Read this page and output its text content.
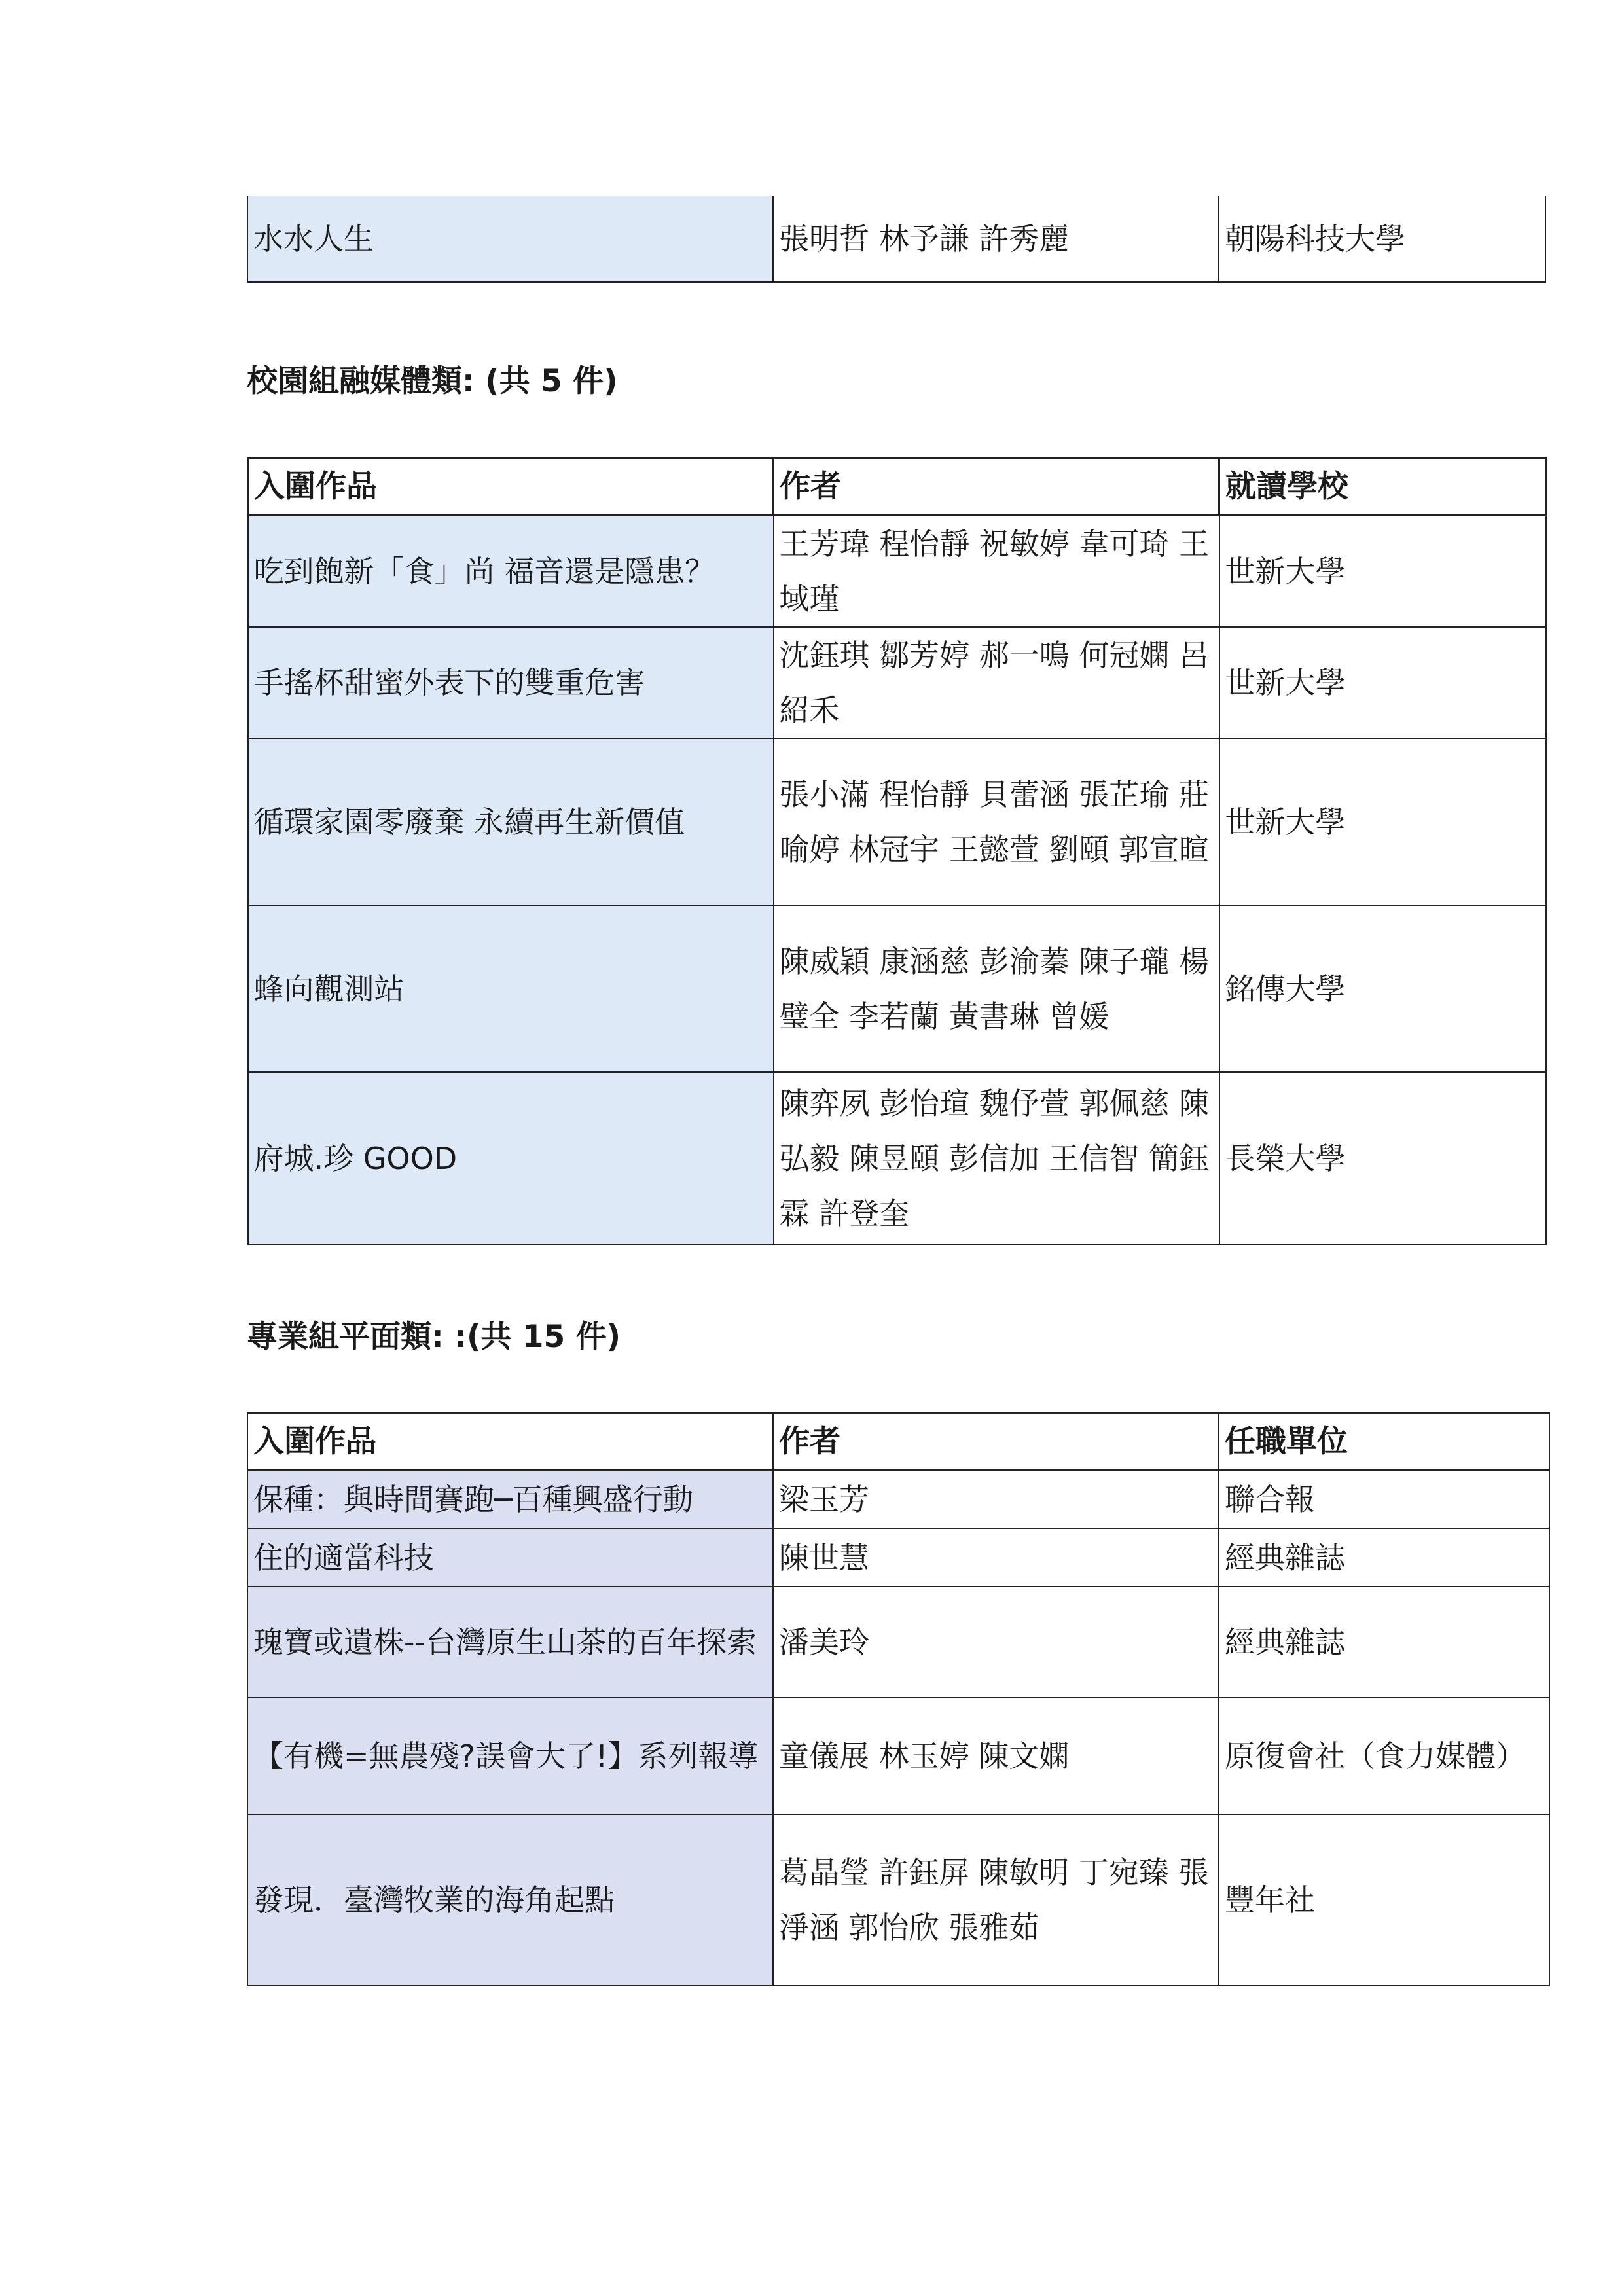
水水人生	張明哲 林予謙 許秀麗	朝陽科技大學
校園組融媒體類: (共 5 件)
入圍作品	作者	就讀學校
吃到飽新「食」尚 福音還是隱患？	王芳瑋 程怡靜 祝敏婷 韋可琦 王域瑾	世新大學
手搖杯甜蜜外表下的雙重危害	沈鈺琪 鄒芳婷 郝一鳴 何冠嫻 呂紹禾	世新大學
循環家園零廢棄 永續再生新價值	張小滿 程怡靜 貝蕾涵 張芷瑜 莊喻婷 林冠宇 王懿萱 劉頤 郭宣暄	世新大學
蜂向觀測站	陳威穎 康涵慈 彭渝蓁 陳子瓏 楊璧全 李若蘭 黃書琳 曾媛	銘傳大學
府城.珍 GOOD	陳弈夙 彭怡瑄 魏伃萱 郭佩慈 陳弘毅 陳昱頤 彭信加 王信智 簡鈺霖 許登奎	長榮大學
專業組平面類: :(共 15 件)
入圍作品	作者	任職單位
保種：與時間賽跑─百種興盛行動	梁玉芳	聯合報
住的適當科技	陳世慧	經典雜誌
瑰寶或遺株--台灣原生山茶的百年探索	潘美玲	經典雜誌
【有機=無農殘?誤會大了!】系列報導	童儀展 林玉婷 陳文嫻	原復會社（食力媒體）
發現．臺灣牧業的海角起點	葛晶瑩 許鈺屏 陳敏明 丁宛臻 張淨涵 郭怡欣 張雅茹	豐年社
